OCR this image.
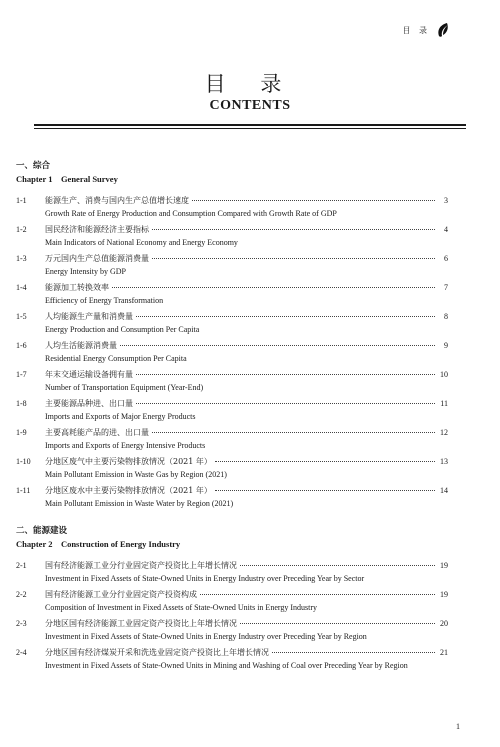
目 录
目 录
CONTENTS
一、综合
Chapter 1    General Survey
1-1	能源生产、消费与国内生产总值增长速度	3
Growth Rate of Energy Production and Consumption Compared with Growth Rate of GDP
1-2	国民经济和能源经济主要指标	4
Main Indicators of National Economy and Energy Economy
1-3	万元国内生产总值能源消费量	6
Energy Intensity by GDP
1-4	能源加工转换效率	7
Efficiency of Energy Transformation
1-5	人均能源生产量和消费量	8
Energy Production and Consumption Per Capita
1-6	人均生活能源消费量	9
Residential Energy Consumption Per Capita
1-7	年末交通运输设备拥有量	10
Number of Transportation Equipment (Year-End)
1-8	主要能源品种进、出口量	11
Imports and Exports of Major Energy Products
1-9	主要高耗能产品的进、出口量	12
Imports and Exports of Energy Intensive Products
1-10	分地区废气中主要污染物排放情况（2021 年）	13
Main Pollutant Emission in Waste Gas by Region (2021)
1-11	分地区废水中主要污染物排放情况（2021 年）	14
Main Pollutant Emission in Waste Water by Region (2021)
二、能源建设
Chapter 2    Construction of Energy Industry
2-1	国有经济能源工业分行业固定资产投资比上年增长情况	19
Investment in Fixed Assets of State-Owned Units in Energy Industry over Preceding Year by Sector
2-2	国有经济能源工业分行业固定资产投资构成	19
Composition of Investment in Fixed Assets of State-Owned Units in Energy Industry
2-3	分地区国有经济能源工业固定资产投资比上年增长情况	20
Investment in Fixed Assets of State-Owned Units in Energy Industry over Preceding Year by Region
2-4	分地区国有经济煤炭开采和洗选业固定资产投资比上年增长情况	21
Investment in Fixed Assets of State-Owned Units in Mining and Washing of Coal over Preceding Year by Region
1
